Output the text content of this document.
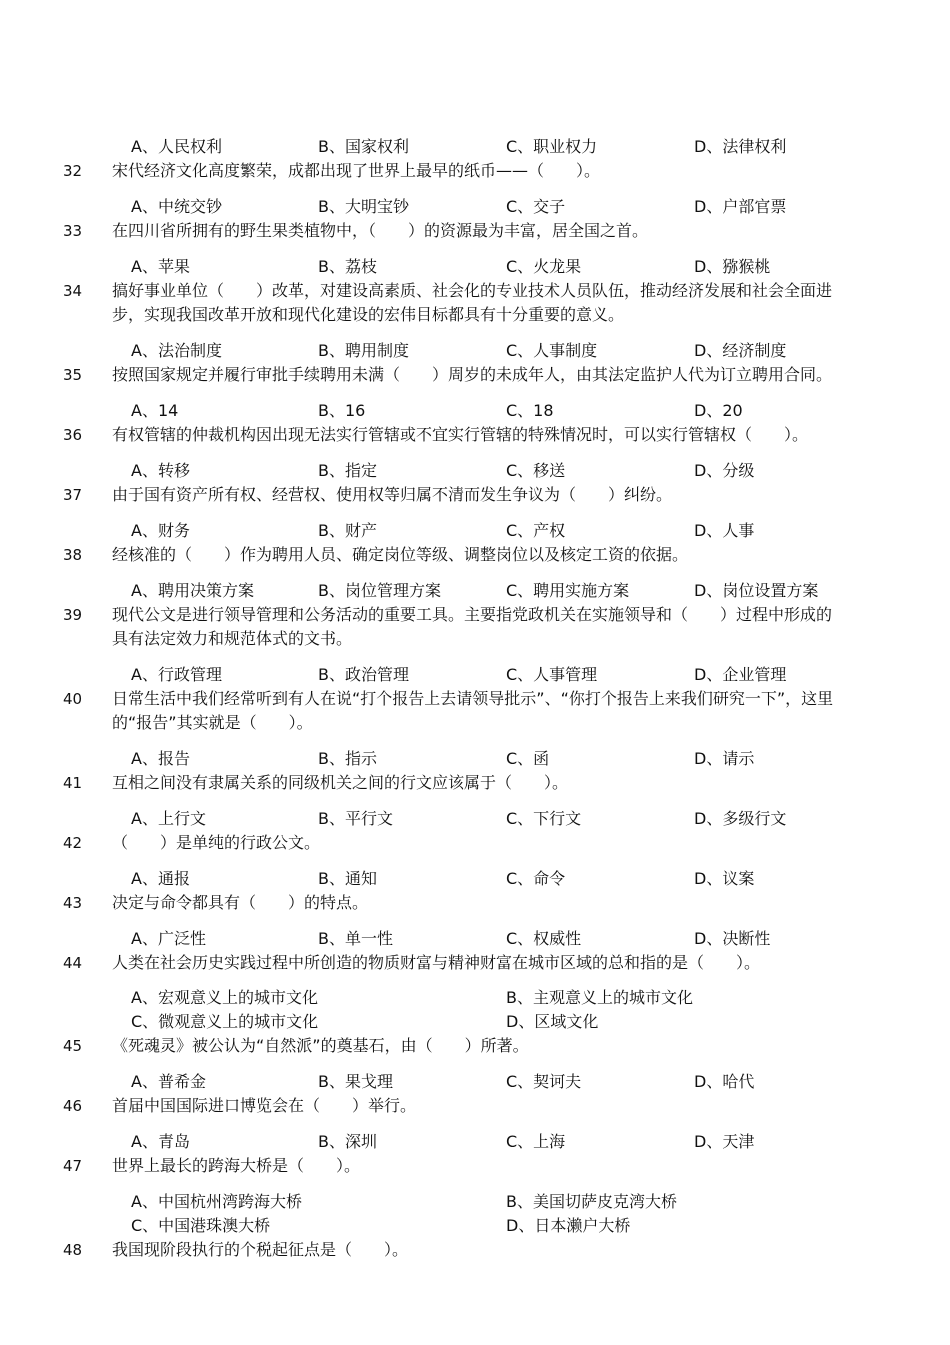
A、人民权利	B、国家权利	C、职业权力	D、法律权利
32 宋代经济文化高度繁荣，成都出现了世界上最早的纸币——（　　）。
A、中统交钞	B、大明宝钞	C、交子	D、户部官票
33 在四川省所拥有的野生果类植物中，（　　）的资源最为丰富，居全国之首。
A、苹果	B、荔枝	C、火龙果	D、猕猴桃
34 搞好事业单位（　　）改革，对建设高素质、社会化的专业技术人员队伍，推动经济发展和社会全面进
步，实现我国改革开放和现代化建设的宏伟目标都具有十分重要的意义。
A、法治制度	B、聘用制度	C、人事制度	D、经济制度
35 按照国家规定并履行审批手续聘用未满（　　）周岁的未成年人，由其法定监护人代为订立聘用合同。
A、14	B、16	C、18	D、20
36 有权管辖的仲裁机构因出现无法实行管辖或不宜实行管辖的特殊情况时，可以实行管辖权（　　）。
A、转移	B、指定	C、移送	D、分级
37 由于国有资产所有权、经营权、使用权等归属不清而发生争议为（　　）纠纷。
A、财务	B、财产	C、产权	D、人事
38 经核准的（　　）作为聘用人员、确定岗位等级、调整岗位以及核定工资的依据。
A、聘用决策方案	B、岗位管理方案	C、聘用实施方案	D、岗位设置方案
39 现代公文是进行领导管理和公务活动的重要工具。主要指党政机关在实施领导和（　　）过程中形成的
具有法定效力和规范体式的文书。
A、行政管理	B、政治管理	C、人事管理	D、企业管理
40 日常生活中我们经常听到有人在说“打个报告上去请领导批示”、“你打个报告上来我们研究一下”，这里
的“报告”其实就是（　　）。
A、报告	B、指示	C、函	D、请示
41 互相之间没有隶属关系的同级机关之间的行文应该属于（　　）。
A、上行文	B、平行文	C、下行文	D、多级行文
42 （　　）是单纯的行政公文。
A、通报	B、通知	C、命令	D、议案
43 决定与命令都具有（　　）的特点。
A、广泛性	B、单一性	C、权威性	D、决断性
44 人类在社会历史实践过程中所创造的物质财富与精神财富在城市区域的总和指的是（　　）。
A、宏观意义上的城市文化	B、主观意义上的城市文化
C、微观意义上的城市文化	D、区域文化
45 《死魂灵》被公认为“自然派”的奠基石，由（　　）所著。
A、普希金	B、果戈理	C、契诃夫	D、哈代
46 首届中国国际进口博览会在（　　）举行。
A、青岛	B、深圳	C、上海	D、天津
47 世界上最长的跨海大桥是（　　）。
A、中国杭州湾跨海大桥	B、美国切萨皮克湾大桥
C、中国港珠澳大桥	D、日本濑户大桥
48 我国现阶段执行的个税起征点是（　　）。
